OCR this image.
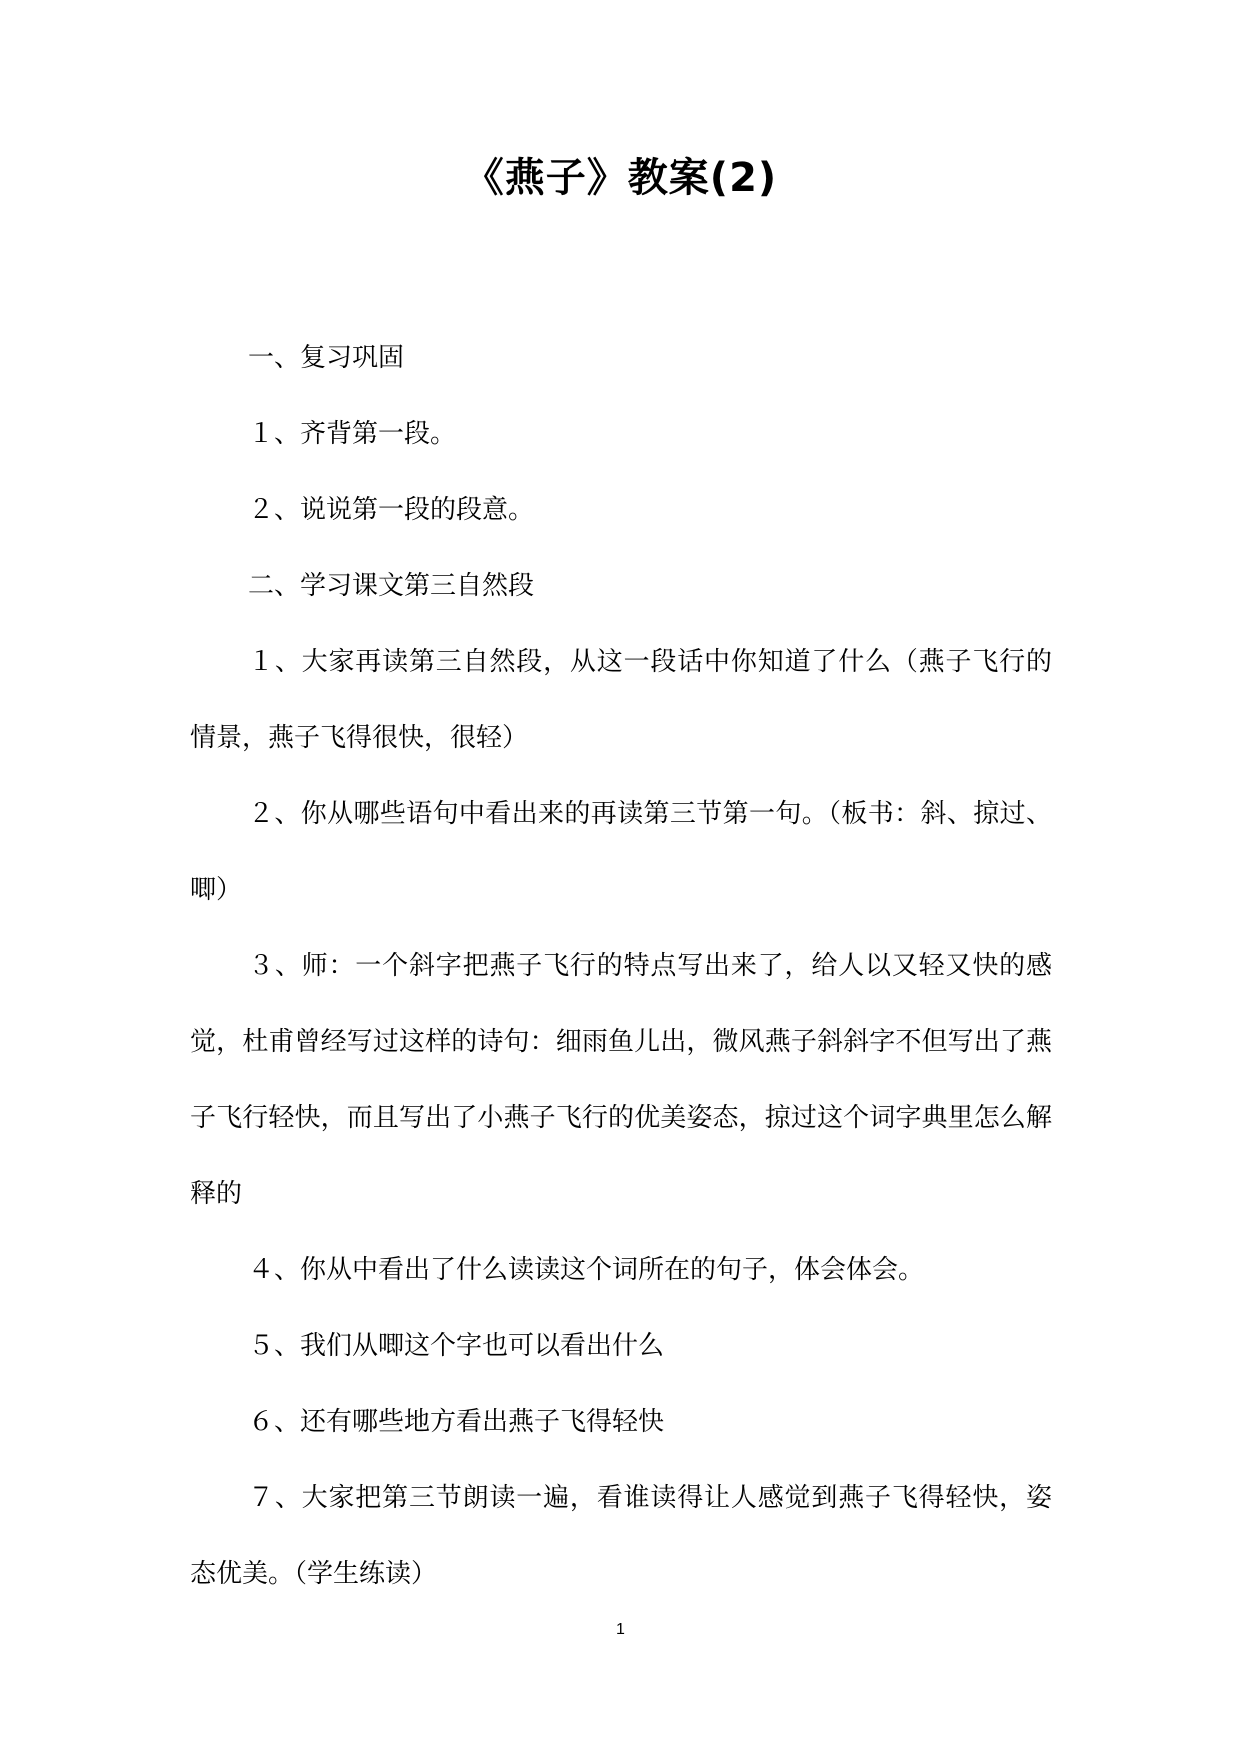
《燕子》教案(2)

一、复习巩固

１、齐背第一段。

２、说说第一段的段意。

二、学习课文第三自然段

１、大家再读第三自然段，从这一段话中你知道了什么（燕子飞行的情景，燕子飞得很快，很轻）

２、你从哪些语句中看出来的再读第三节第一句。（板书：斜、掠过、唧）

３、师：一个斜字把燕子飞行的特点写出来了，给人以又轻又快的感觉，杜甫曾经写过这样的诗句：细雨鱼儿出，微风燕子斜斜字不但写出了燕子飞行轻快，而且写出了小燕子飞行的优美姿态，掠过这个词字典里怎么解释的

４、你从中看出了什么读读这个词所在的句子，体会体会。

５、我们从唧这个字也可以看出什么

６、还有哪些地方看出燕子飞得轻快

７、大家把第三节朗读一遍，看谁读得让人感觉到燕子飞得轻快，姿态优美。（学生练读）

1
